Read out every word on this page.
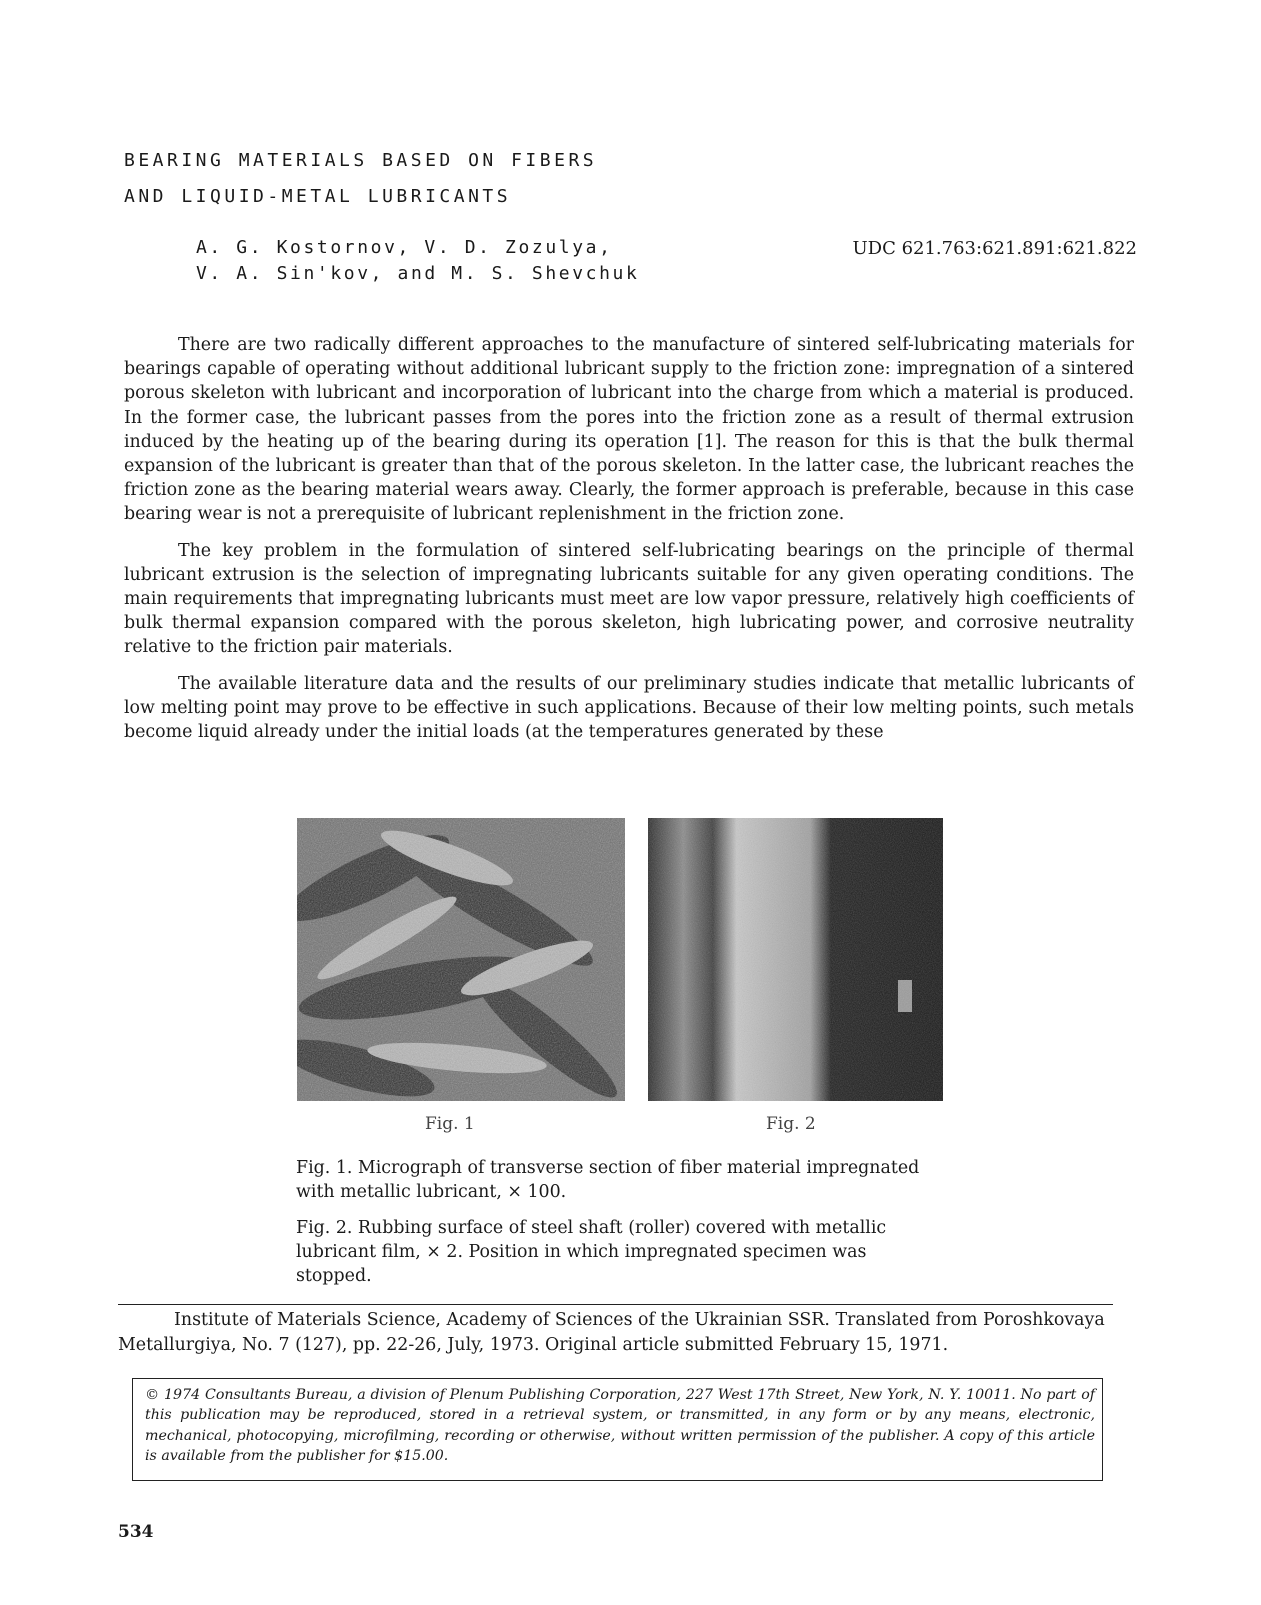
BEARING MATERIALS BASED ON FIBERS
AND LIQUID-METAL LUBRICANTS
A. G. Kostornov, V. D. Zozulya,
V. A. Sin'kov, and M. S. Shevchuk
UDC 621.763:621.891:621.822

There are two radically different approaches to the manufacture of sintered self-lubricating materials for bearings capable of operating without additional lubricant supply to the friction zone: impregnation of a sintered porous skeleton with lubricant and incorporation of lubricant into the charge from which a material is produced. In the former case, the lubricant passes from the pores into the friction zone as a result of thermal extrusion induced by the heating up of the bearing during its operation [1]. The reason for this is that the bulk thermal expansion of the lubricant is greater than that of the porous skeleton. In the latter case, the lubricant reaches the friction zone as the bearing material wears away. Clearly, the former approach is preferable, because in this case bearing wear is not a prerequisite of lubricant replenishment in the friction zone.

The key problem in the formulation of sintered self-lubricating bearings on the principle of thermal lubricant extrusion is the selection of impregnating lubricants suitable for any given operating conditions. The main requirements that impregnating lubricants must meet are low vapor pressure, relatively high coefficients of bulk thermal expansion compared with the porous skeleton, high lubricating power, and corrosive neutrality relative to the friction pair materials.

The available literature data and the results of our preliminary studies indicate that metallic lubricants of low melting point may prove to be effective in such applications. Because of their low melting points, such metals become liquid already under the initial loads (at the temperatures generated by these

Fig. 1	Fig. 2

Fig. 1. Micrograph of transverse section of fiber material impregnated with metallic lubricant, × 100.

Fig. 2. Rubbing surface of steel shaft (roller) covered with metallic lubricant film, × 2. Position in which impregnated specimen was stopped.

Institute of Materials Science, Academy of Sciences of the Ukrainian SSR. Translated from Poroshkovaya Metallurgiya, No. 7 (127), pp. 22-26, July, 1973. Original article submitted February 15, 1971.

© 1974 Consultants Bureau, a division of Plenum Publishing Corporation, 227 West 17th Street, New York, N. Y. 10011. No part of this publication may be reproduced, stored in a retrieval system, or transmitted, in any form or by any means, electronic, mechanical, photocopying, microfilming, recording or otherwise, without written permission of the publisher. A copy of this article is available from the publisher for $15.00.
534
